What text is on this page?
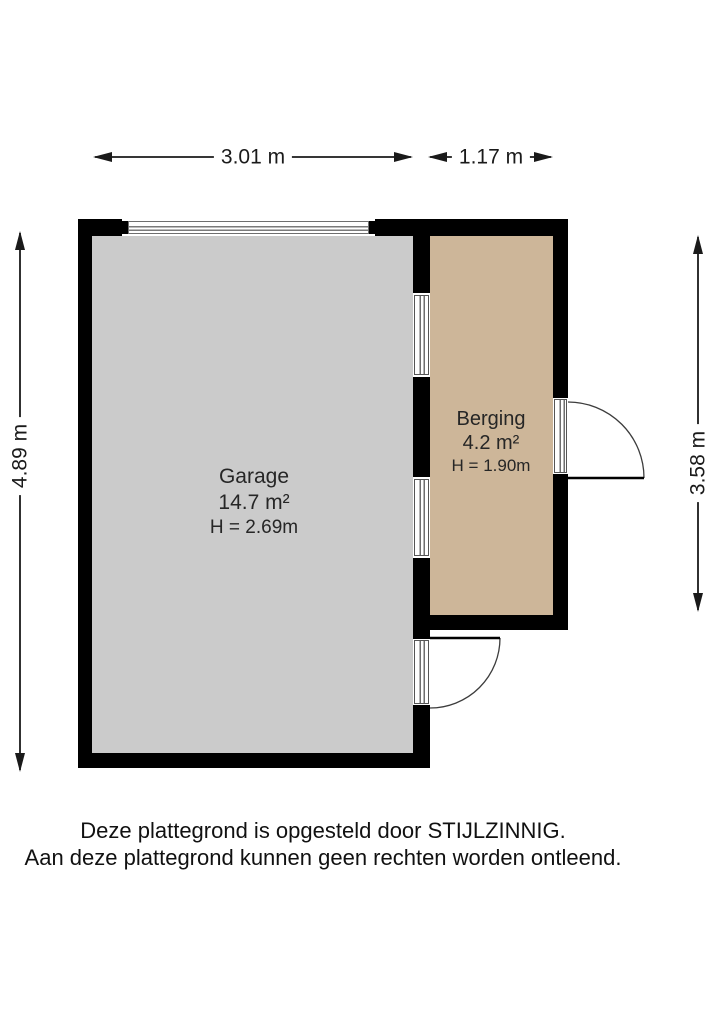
3.01 m	1.17 m
4.89 m	3.58 m
Garage
14.7 m²
H = 2.69m
Berging
4.2 m²
H = 1.90m
Deze plattegrond is opgesteld door STIJLZINNIG.
Aan deze plattegrond kunnen geen rechten worden ontleend.
